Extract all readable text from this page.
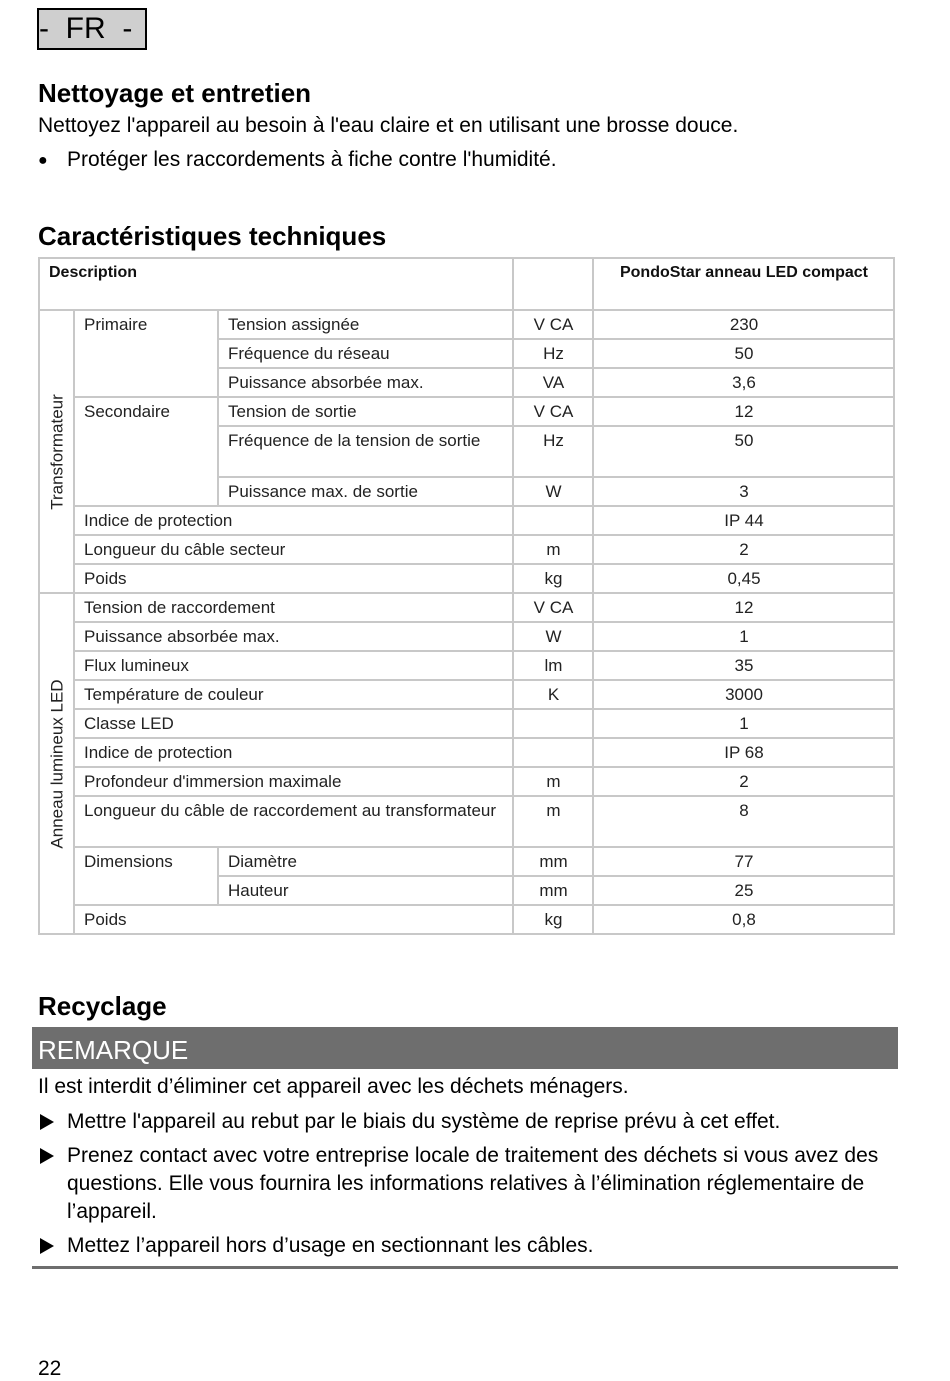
-  FR  -
Nettoyage et entretien
Nettoyez l'appareil au besoin à l'eau claire et en utilisant une brosse douce.
● Protéger les raccordements à fiche contre l'humidité.
Caractéristiques techniques
Description				PondoStar anneau LED compact

Transformateur	Primaire	Tension assignée	V CA	230
		Fréquence du réseau	Hz	50
		Puissance absorbée max.	VA	3,6
	Secondaire	Tension de sortie	V CA	12
		Fréquence de la tension de sortie	Hz	50
		Puissance max. de sortie	W	3
	Indice de protection			IP 44
	Longueur du câble secteur		m	2
	Poids		kg	0,45

Anneau lumineux LED	Tension de raccordement		V CA	12
	Puissance absorbée max.		W	1
	Flux lumineux		lm	35
	Température de couleur		K	3000
	Classe LED			1
	Indice de protection			IP 68
	Profondeur d'immersion maximale		m	2
	Longueur du câble de raccordement au transformateur		m	8
	Dimensions	Diamètre	mm	77
		Hauteur	mm	25
	Poids		kg	0,8
Recyclage
REMARQUE
Il est interdit d’éliminer cet appareil avec les déchets ménagers.
Mettre l'appareil au rebut par le biais du système de reprise prévu à cet effet.
Prenez contact avec votre entreprise locale de traitement des déchets si vous avez des questions. Elle vous fournira les informations relatives à l’élimination réglementaire de l’appareil.
Mettez l’appareil hors d’usage en sectionnant les câbles.
22
